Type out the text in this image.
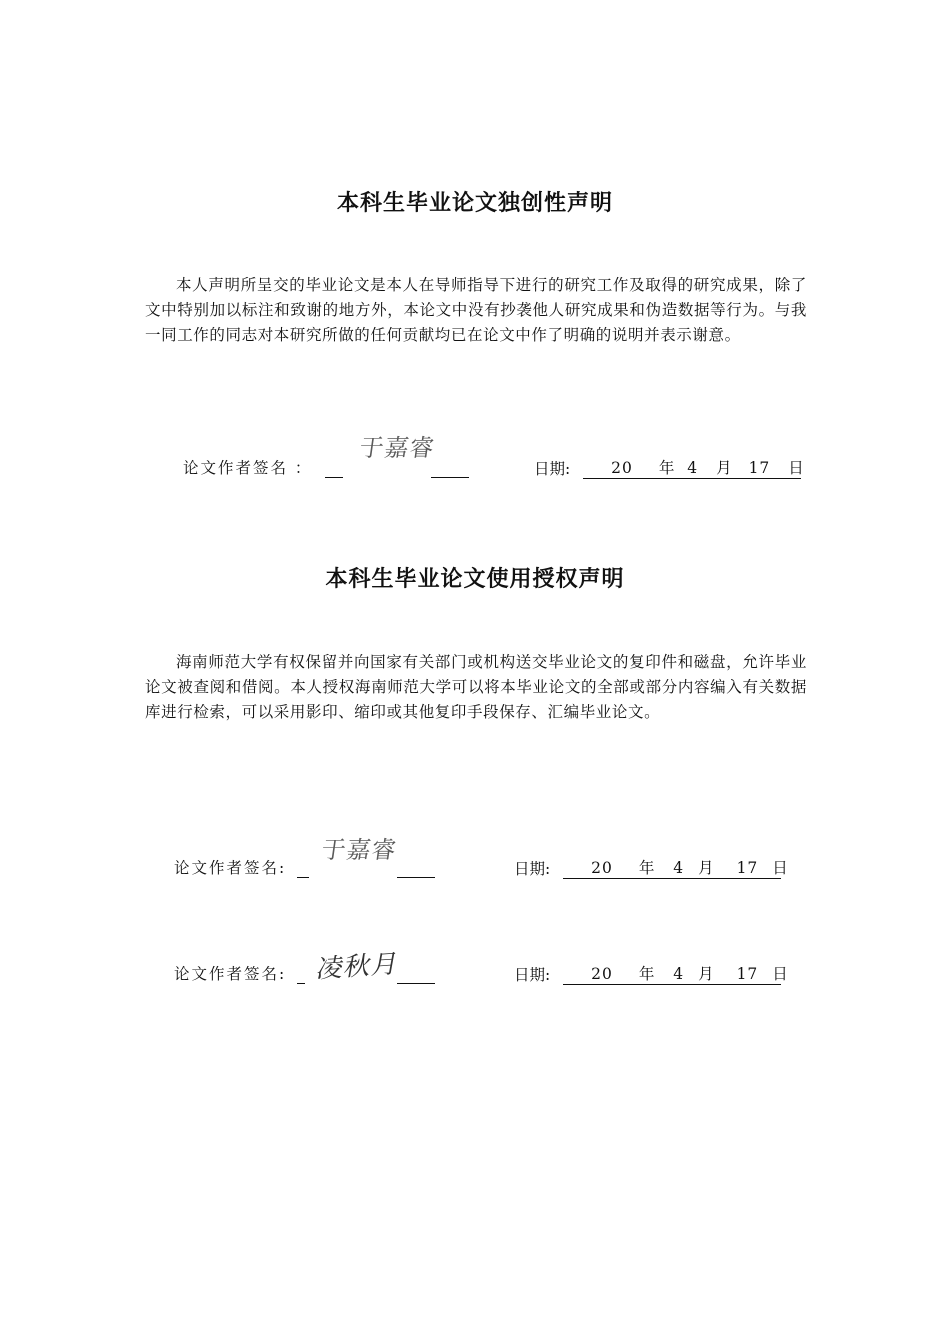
本科生毕业论文独创性声明

本人声明所呈交的毕业论文是本人在导师指导下进行的研究工作及取得的研究成果，除了文中特别加以标注和致谢的地方外，本论文中没有抄袭他人研究成果和伪造数据等行为。与我一同工作的同志对本研究所做的任何贡献均已在论文中作了明确的说明并表示谢意。

论文作者签名 ：
于嘉睿
日期:	20 年 4 月 17 日
本科生毕业论文使用授权声明

海南师范大学有权保留并向国家有关部门或机构送交毕业论文的复印件和磁盘，允许毕业论文被查阅和借阅。本人授权海南师范大学可以将本毕业论文的全部或部分内容编入有关数据库进行检索，可以采用影印、缩印或其他复印手段保存、汇编毕业论文。

论文作者签名:
于嘉睿
日期:	20 年 4 月 17 日
论文作者签名:	凌秋月	日期:	20 年 4 月 17 日
